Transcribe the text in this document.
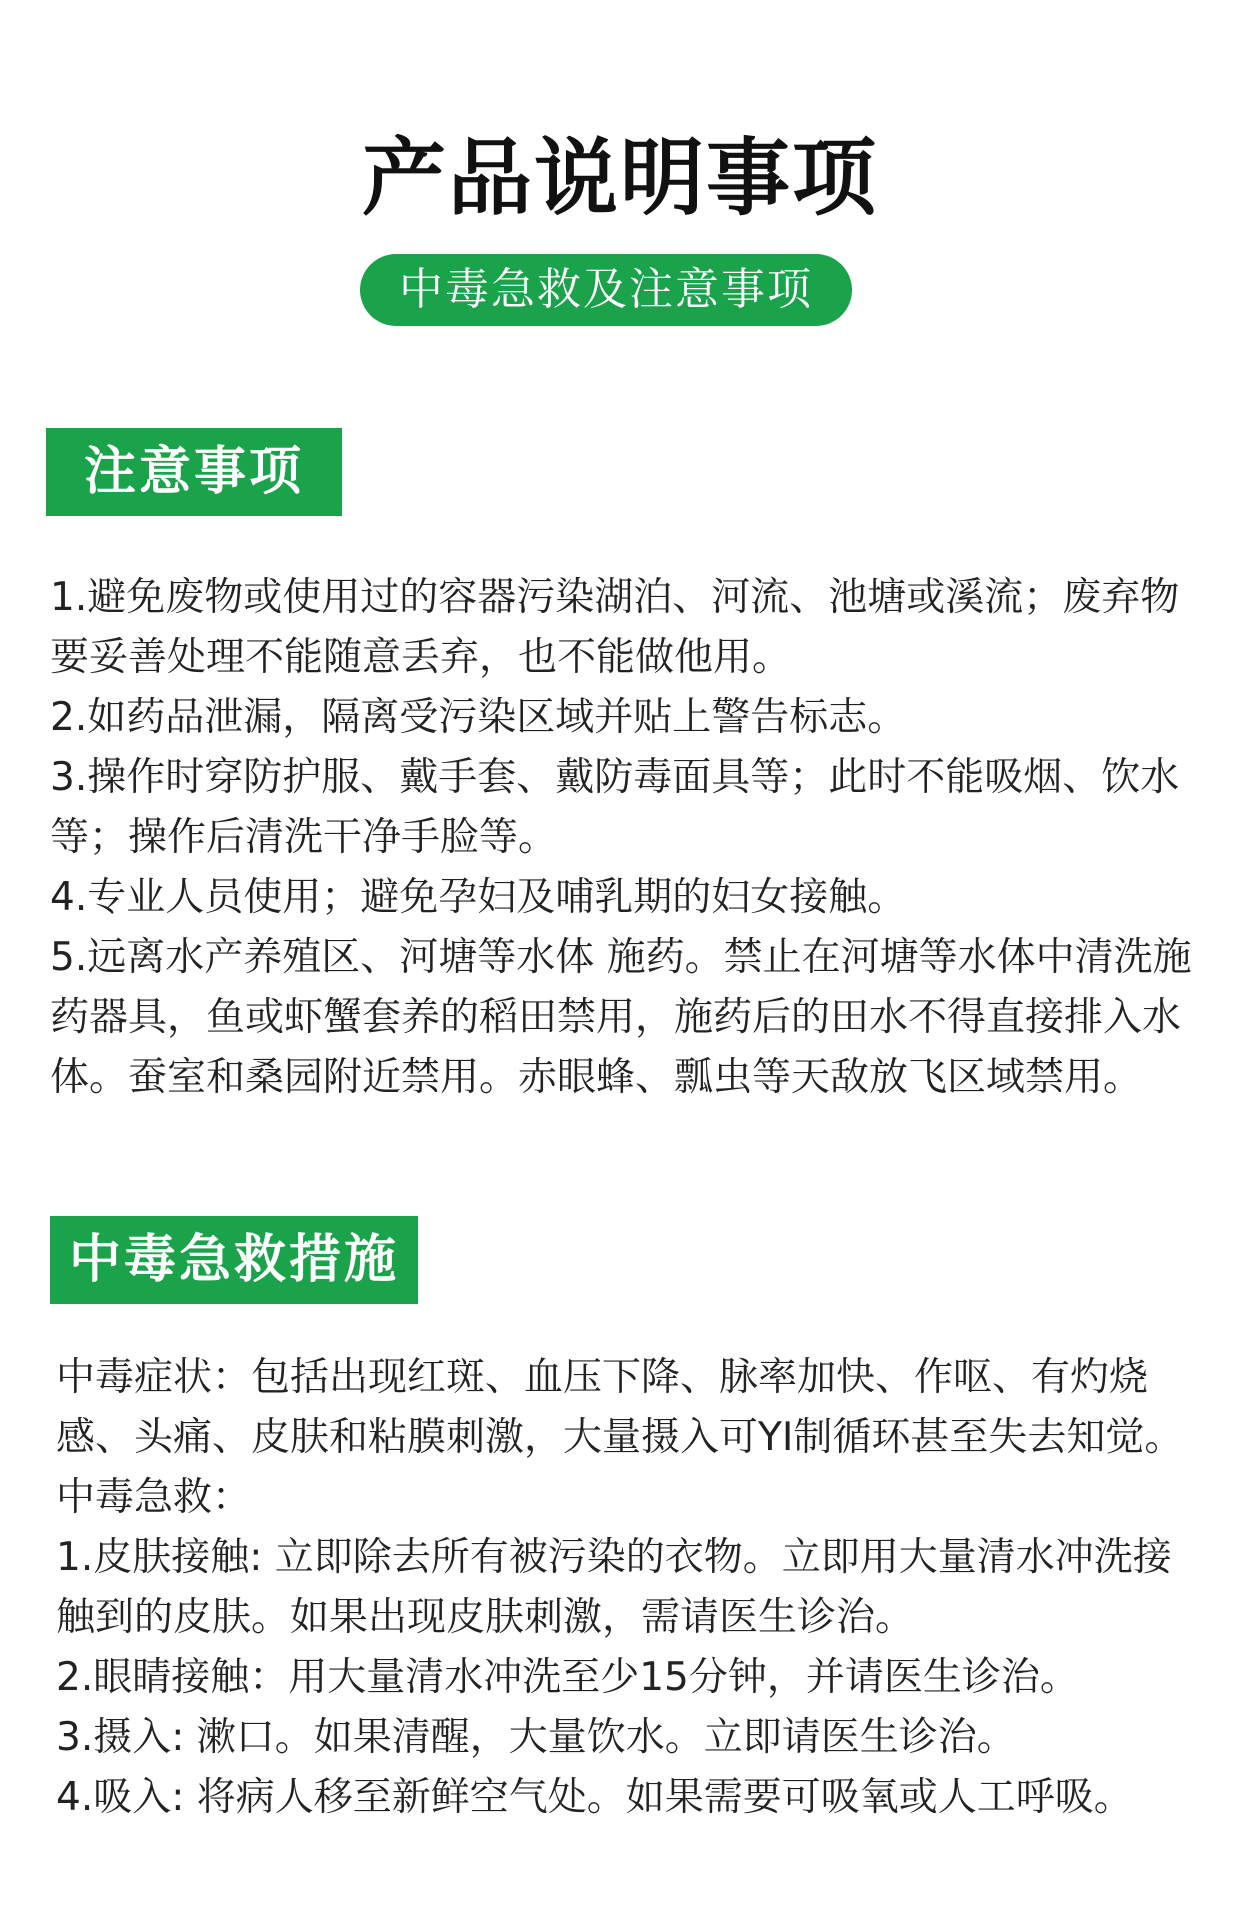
产品说明事项
中毒急救及注意事项
注意事项

1.避免废物或使用过的容器污染湖泊、河流、池塘或溪流；废弃物要妥善处理不能随意丢弃，也不能做他用。

2.如药品泄漏，隔离受污染区域并贴上警告标志。

3.操作时穿防护服、戴手套、戴防毒面具等；此时不能吸烟、饮水等；操作后清洗干净手脸等。

4.专业人员使用；避免孕妇及哺乳期的妇女接触。

5.远离水产养殖区、河塘等水体 施药。禁止在河塘等水体中清洗施药器具，鱼或虾蟹套养的稻田禁用，施药后的田水不得直接排入水体。蚕室和桑园附近禁用。赤眼蜂、瓢虫等天敌放飞区域禁用。

中毒急救措施

中毒症状：包括出现红斑、血压下降、脉率加快、作呕、有灼烧感、头痛、皮肤和粘膜刺激，大量摄入可YI制循环甚至失去知觉。

中毒急救：

1.皮肤接触: 立即除去所有被污染的衣物。立即用大量清水冲洗接触到的皮肤。如果出现皮肤刺激，需请医生诊治。

2.眼睛接触：用大量清水冲洗至少15分钟，并请医生诊治。

3.摄入: 漱口。如果清醒，大量饮水。立即请医生诊治。

4.吸入: 将病人移至新鲜空气处。如果需要可吸氧或人工呼吸。
